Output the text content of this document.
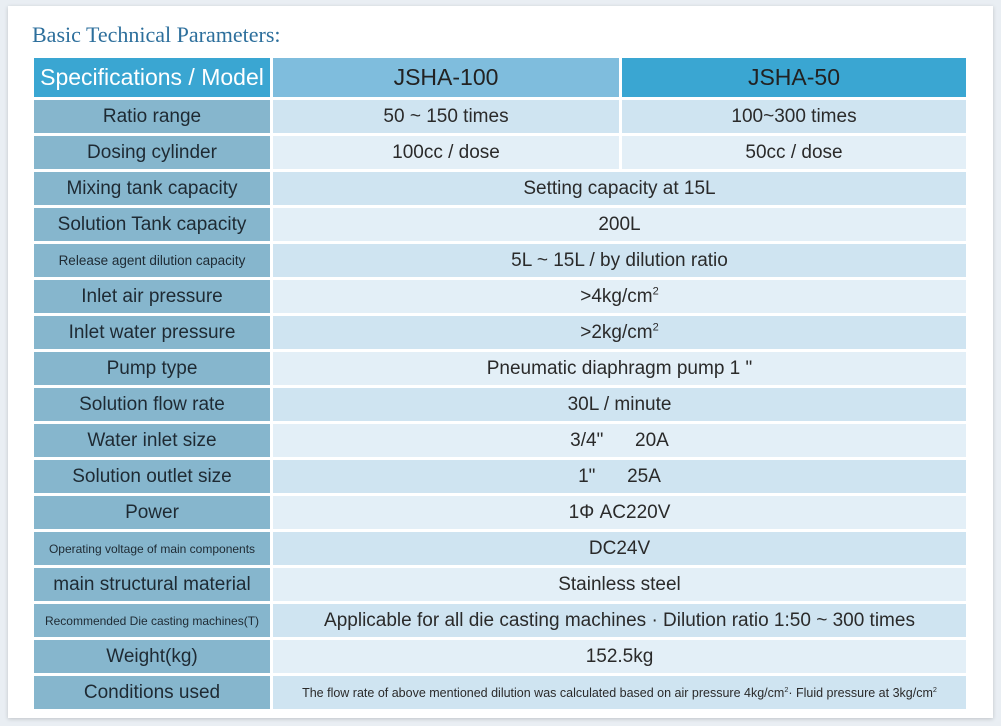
Basic Technical Parameters:
Specifications / Model	JSHA-100	JSHA-50
Ratio range	50 ~ 150 times	100~300 times
Dosing cylinder	100cc / dose	50cc / dose
Mixing tank capacity	Setting capacity at 15L	
Solution Tank capacity	200L	
Release agent dilution capacity	5L ~ 15L / by dilution ratio	
Inlet air pressure	$>4kg/cm^2$
Inlet water pressure	$>2kg/cm^2$
Pump type	Pneumatic diaphragm pump 1 "	
Solution flow rate	30L / minute	
Water inlet size	3/4"      20A	
Solution outlet size	1"      25A	
Power	1Φ AC220V	
Operating voltage of main components	DC24V	
main structural material	Stainless steel	
Recommended Die casting machines(T)	Applicable for all die casting machines · Dilution ratio 1:50 ~ 300 times	
Weight(kg)	152.5kg	
Conditions used	The flow rate of above mentioned dilution was calculated based on air pressure $4kg/cm^2\cdot$ Fluid pressure at $3kg/cm^2$
